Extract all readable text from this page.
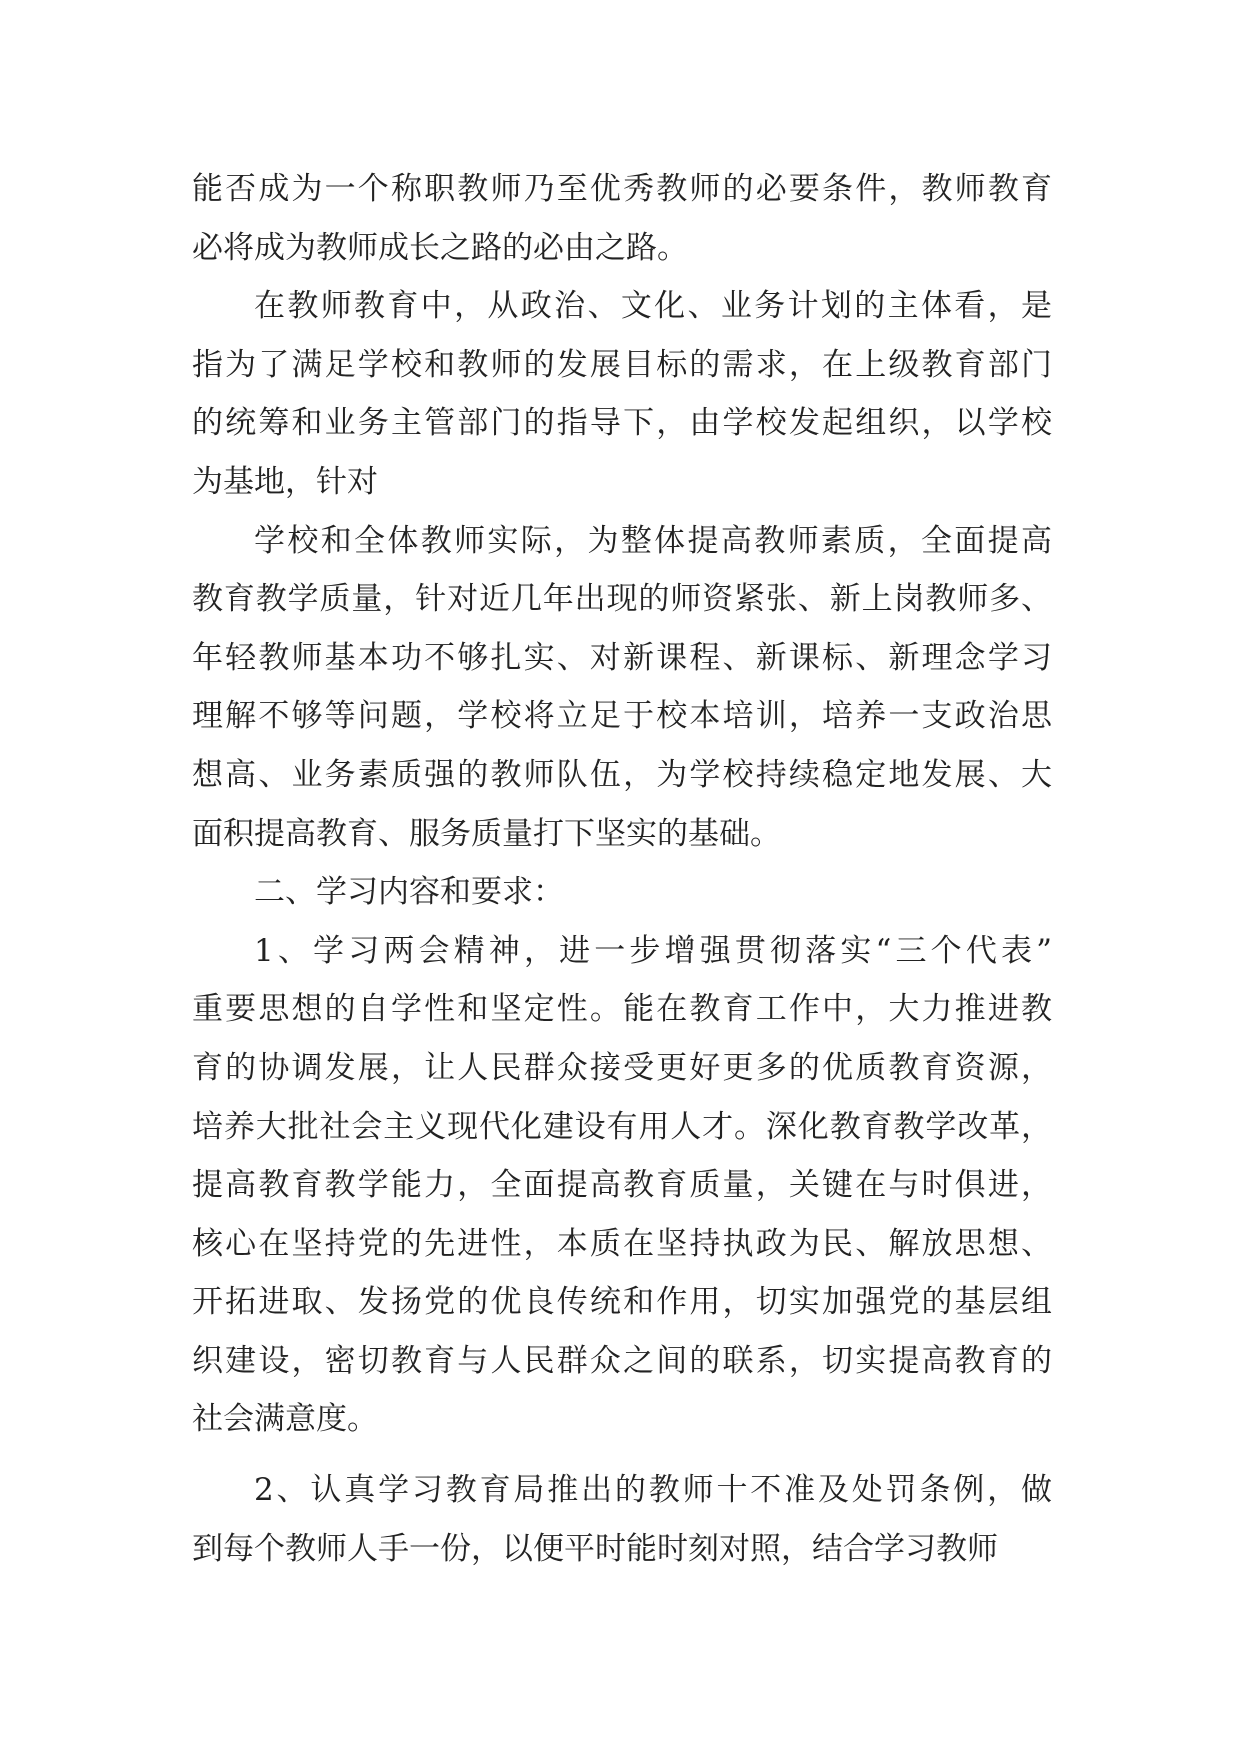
能否成为一个称职教师乃至优秀教师的必要条件，教师教育
必将成为教师成长之路的必由之路。
在教师教育中，从政治、文化、业务计划的主体看，是
指为了满足学校和教师的发展目标的需求，在上级教育部门
的统筹和业务主管部门的指导下，由学校发起组织，以学校
为基地，针对
学校和全体教师实际，为整体提高教师素质，全面提高
教育教学质量，针对近几年出现的师资紧张、新上岗教师多、
年轻教师基本功不够扎实、对新课程、新课标、新理念学习
理解不够等问题，学校将立足于校本培训，培养一支政治思
想高、业务素质强的教师队伍，为学校持续稳定地发展、大
面积提高教育、服务质量打下坚实的基础。
二、学习内容和要求：
1、学习两会精神，进一步增强贯彻落实“三个代表”
重要思想的自学性和坚定性。能在教育工作中，大力推进教
育的协调发展，让人民群众接受更好更多的优质教育资源，
培养大批社会主义现代化建设有用人才。深化教育教学改革，
提高教育教学能力，全面提高教育质量，关键在与时俱进，
核心在坚持党的先进性，本质在坚持执政为民、解放思想、
开拓进取、发扬党的优良传统和作用，切实加强党的基层组
织建设，密切教育与人民群众之间的联系，切实提高教育的
社会满意度。
2、认真学习教育局推出的教师十不准及处罚条例，做
到每个教师人手一份，以便平时能时刻对照，结合学习教师
